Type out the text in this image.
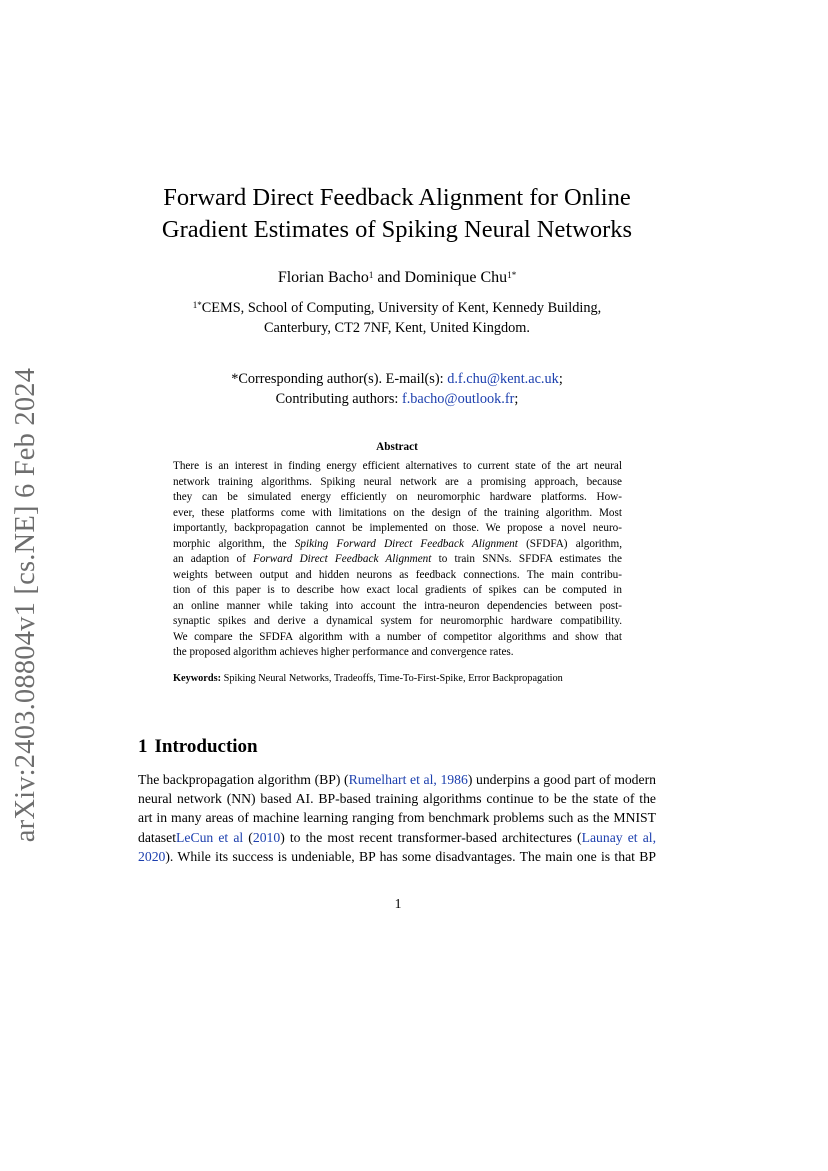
arXiv:2403.08804v1 [cs.NE] 6 Feb 2024
Forward Direct Feedback Alignment for Online
Gradient Estimates of Spiking Neural Networks
Florian Bacho$^1$ and Dominique Chu$^{1*}$
$^{1*}$CEMS, School of Computing, University of Kent, Kennedy Building,
Canterbury, CT2 7NF, Kent, United Kingdom.
*Corresponding author(s). E-mail(s): d.f.chu@kent.ac.uk;
Contributing authors: f.bacho@outlook.fr;
Abstract
There is an interest in finding energy efficient alternatives to current state of the art neural
network training algorithms. Spiking neural network are a promising approach, because
they can be simulated energy efficiently on neuromorphic hardware platforms. How-
ever, these platforms come with limitations on the design of the training algorithm. Most
importantly, backpropagation cannot be implemented on those. We propose a novel neuro-
morphic algorithm, the Spiking Forward Direct Feedback Alignment (SFDFA) algorithm,
an adaption of Forward Direct Feedback Alignment to train SNNs. SFDFA estimates the
weights between output and hidden neurons as feedback connections. The main contribu-
tion of this paper is to describe how exact local gradients of spikes can be computed in
an online manner while taking into account the intra-neuron dependencies between post-
synaptic spikes and derive a dynamical system for neuromorphic hardware compatibility.
We compare the SFDFA algorithm with a number of competitor algorithms and show that
the proposed algorithm achieves higher performance and convergence rates.
Keywords: Spiking Neural Networks, Tradeoffs, Time-To-First-Spike, Error Backpropagation
1 Introduction
The backpropagation algorithm (BP) (Rumelhart et al, 1986) underpins a good part of modern
neural network (NN) based AI. BP-based training algorithms continue to be the state of the
art in many areas of machine learning ranging from benchmark problems such as the MNIST
datasetLeCun et al (2010) to the most recent transformer-based architectures (Launay et al,
2020). While its success is undeniable, BP has some disadvantages. The main one is that BP
1
